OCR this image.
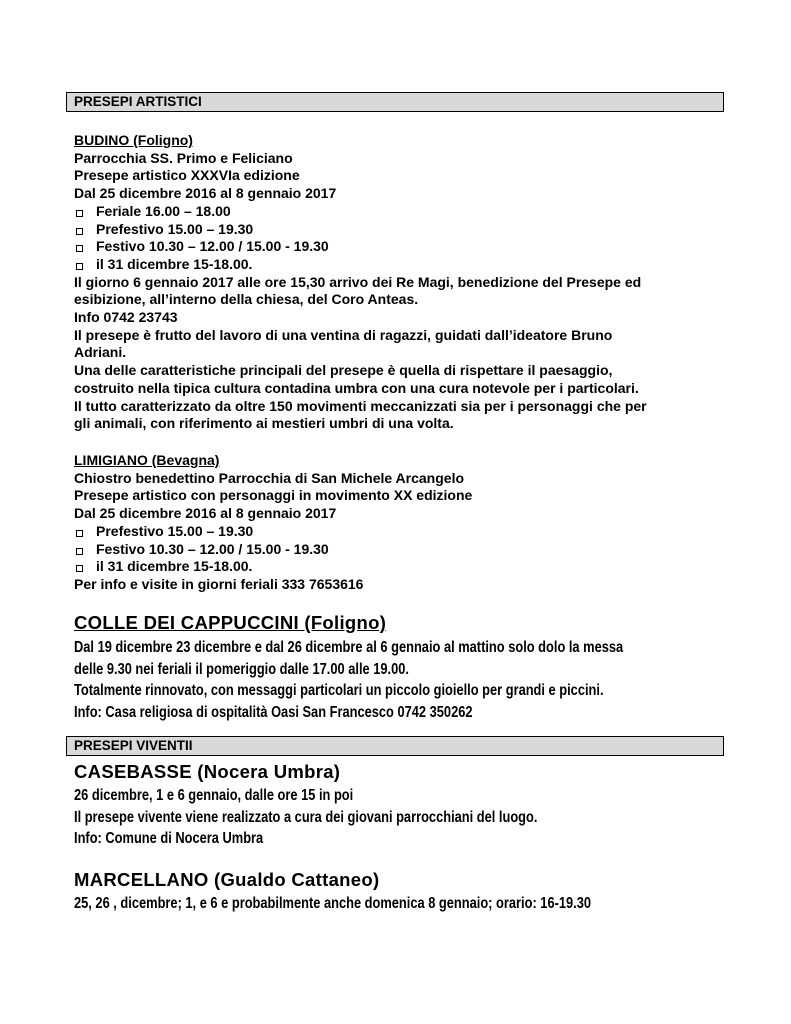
PRESEPI ARTISTICI
BUDINO (Foligno)
Parrocchia SS. Primo e Feliciano
Presepe artistico XXXVIa edizione
Dal 25 dicembre 2016 al 8 gennaio 2017
Feriale 16.00 – 18.00
Prefestivo 15.00 – 19.30
Festivo 10.30 – 12.00 / 15.00 - 19.30
il 31 dicembre 15-18.00.
Il giorno 6 gennaio 2017 alle ore 15,30 arrivo dei Re Magi, benedizione del Presepe ed
esibizione, all’interno della chiesa, del Coro Anteas.
Info 0742 23743
Il presepe è frutto del lavoro di una ventina di ragazzi, guidati dall’ideatore Bruno
Adriani.
Una delle caratteristiche principali del presepe è quella di rispettare il paesaggio,
costruito nella tipica cultura contadina umbra con una cura notevole per i particolari.
Il tutto caratterizzato da oltre 150 movimenti meccanizzati sia per i personaggi che per
gli animali, con riferimento ai mestieri umbri di una volta.
LIMIGIANO (Bevagna)
Chiostro benedettino Parrocchia di San Michele Arcangelo
Presepe artistico con personaggi in movimento XX edizione
Dal 25 dicembre 2016 al 8 gennaio 2017
Prefestivo 15.00 – 19.30
Festivo 10.30 – 12.00 / 15.00 - 19.30
il 31 dicembre 15-18.00.
Per info e visite in giorni feriali 333 7653616
COLLE DEI CAPPUCCINI (Foligno)
Dal 19 dicembre 23 dicembre e dal 26 dicembre al 6 gennaio al mattino solo dolo la messa
delle 9.30 nei feriali il pomeriggio dalle 17.00 alle 19.00.
Totalmente rinnovato, con messaggi particolari un piccolo gioiello per grandi e piccini.
Info: Casa religiosa di ospitalità Oasi San Francesco 0742 350262
PRESEPI VIVENTII
CASEBASSE (Nocera Umbra)
26 dicembre, 1 e 6 gennaio, dalle ore 15 in poi
Il presepe vivente viene realizzato a cura dei giovani parrocchiani del luogo.
Info: Comune di Nocera Umbra
MARCELLANO (Gualdo Cattaneo)
25, 26 , dicembre; 1, e 6 e probabilmente anche domenica 8 gennaio; orario: 16-19.30
